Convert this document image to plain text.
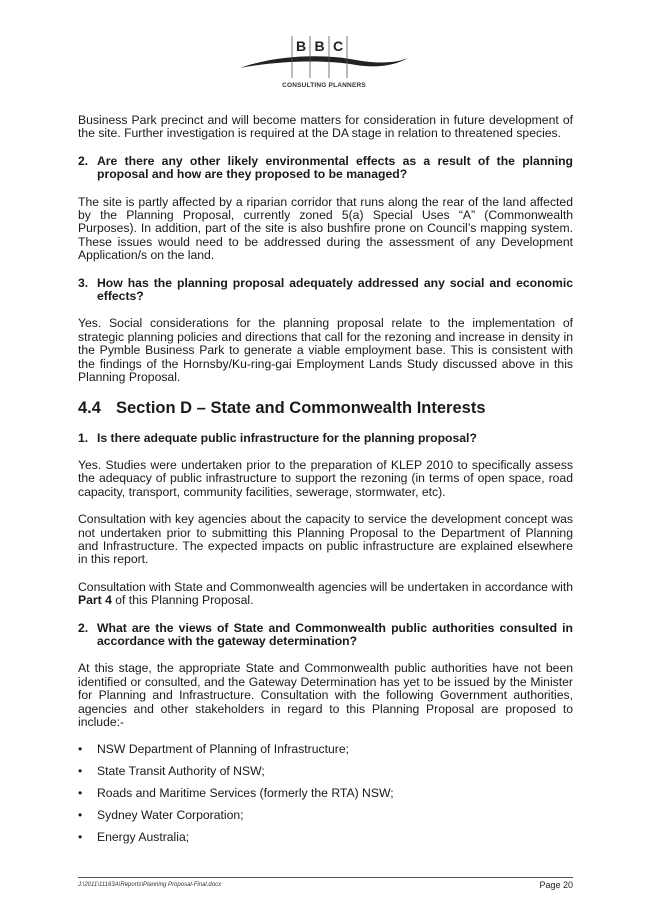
B B C
CONSULTING PLANNERS

Business Park precinct and will become matters for consideration in future development of the site. Further investigation is required at the DA stage in relation to threatened species.

2. Are there any other likely environmental effects as a result of the planning proposal and how are they proposed to be managed?

The site is partly affected by a riparian corridor that runs along the rear of the land affected by the Planning Proposal, currently zoned 5(a) Special Uses “A” (Commonwealth Purposes). In addition, part of the site is also bushfire prone on Council’s mapping system. These issues would need to be addressed during the assessment of any Development Application/s on the land.

3. How has the planning proposal adequately addressed any social and economic effects?

Yes. Social considerations for the planning proposal relate to the implementation of strategic planning policies and directions that call for the rezoning and increase in density in the Pymble Business Park to generate a viable employment base. This is consistent with the findings of the Hornsby/Ku-ring-gai Employment Lands Study discussed above in this Planning Proposal.

4.4 Section D – State and Commonwealth Interests
1. Is there adequate public infrastructure for the planning proposal?

Yes. Studies were undertaken prior to the preparation of KLEP 2010 to specifically assess the adequacy of public infrastructure to support the rezoning (in terms of open space, road capacity, transport, community facilities, sewerage, stormwater, etc).

Consultation with key agencies about the capacity to service the development concept was not undertaken prior to submitting this Planning Proposal to the Department of Planning and Infrastructure. The expected impacts on public infrastructure are explained elsewhere in this report.

Consultation with State and Commonwealth agencies will be undertaken in accordance with Part 4 of this Planning Proposal.

2. What are the views of State and Commonwealth public authorities consulted in accordance with the gateway determination?

At this stage, the appropriate State and Commonwealth public authorities have not been identified or consulted, and the Gateway Determination has yet to be issued by the Minister for Planning and Infrastructure. Consultation with the following Government authorities, agencies and other stakeholders in regard to this Planning Proposal are proposed to include:-

•	NSW Department of Planning of Infrastructure;
•	State Transit Authority of NSW;
•	Roads and Maritime Services (formerly the RTA) NSW;
•	Sydney Water Corporation;
•	Energy Australia;
J:\2011\11163A\Reports\Planning Proposal-Final.docx	Page 20
